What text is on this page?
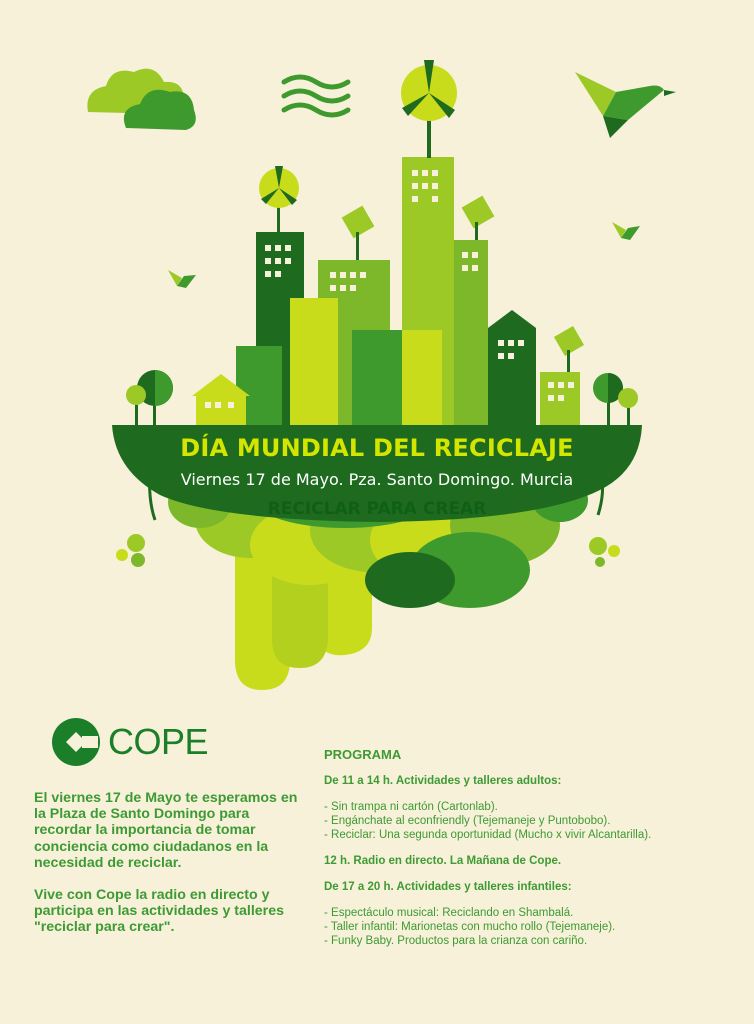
DÍA MUNDIAL DEL RECICLAJE
Viernes 17 de Mayo. Pza. Santo Domingo. Murcia
RECICLAR PARA CREAR
COPE

El viernes 17 de Mayo te esperamos en la Plaza de Santo Domingo para recordar la importancia de tomar conciencia como ciudadanos en la necesidad de reciclar.

Vive con Cope la radio en directo y participa en las actividades y talleres "reciclar para crear".

PROGRAMA
De 11 a 14 h. Actividades y talleres adultos:
- Sin trampa ni cartón (Cartonlab).
- Engánchate al econfriendly (Tejemaneje y Puntobobo).
- Reciclar: Una segunda oportunidad (Mucho x vivir Alcantarilla).
12 h. Radio en directo. La Mañana de Cope.
De 17 a 20 h. Actividades y talleres infantiles:
- Espectáculo musical: Reciclando en Shambalá.
- Taller infantil: Marionetas con mucho rollo (Tejemaneje).
- Funky Baby. Productos para la crianza con cariño.
